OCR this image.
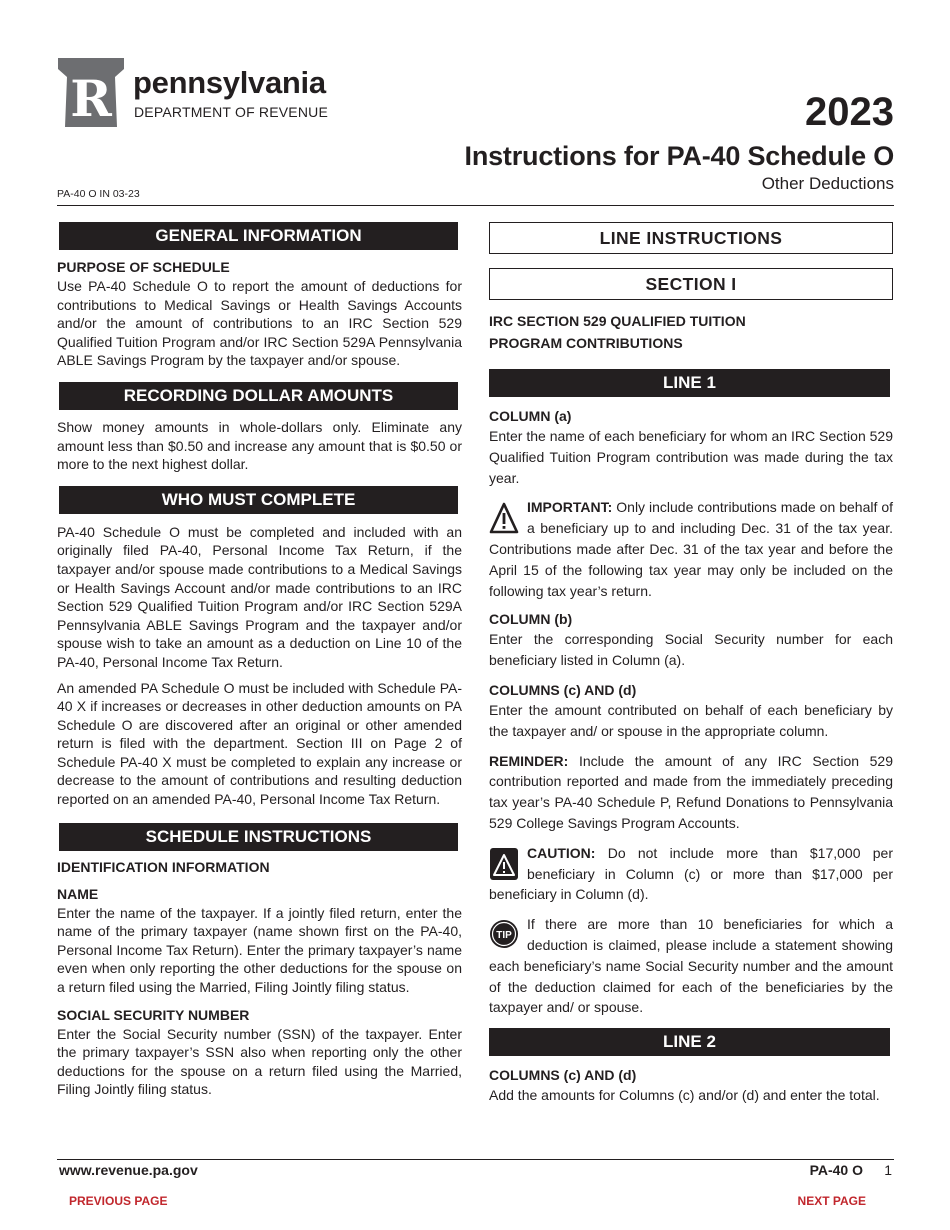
R pennsylvania
DEPARTMENT OF REVENUE	2023
Instructions for PA-40 Schedule O
Other Deductions
PA-40 O IN 03-23
GENERAL INFORMATION
PURPOSE OF SCHEDULE
Use PA-40 Schedule O to report the amount of deductions for contributions to Medical Savings or Health Savings Accounts and/or the amount of contributions to an IRC Section 529 Qualified Tuition Program and/or IRC Section 529A Pennsylvania ABLE Savings Program by the taxpayer and/or spouse.
RECORDING DOLLAR AMOUNTS
Show money amounts in whole-dollars only. Eliminate any amount less than $0.50 and increase any amount that is $0.50 or more to the next highest dollar.
WHO MUST COMPLETE
PA-40 Schedule O must be completed and included with an originally filed PA-40, Personal Income Tax Return, if the taxpayer and/or spouse made contributions to a Medical Savings or Health Savings Account and/or made contributions to an IRC Section 529 Qualified Tuition Program and/or IRC Section 529A Pennsylvania ABLE Savings Program and the taxpayer and/or spouse wish to take an amount as a deduction on Line 10 of the PA-40, Personal Income Tax Return.
An amended PA Schedule O must be included with Schedule PA-40 X if increases or decreases in other deduction amounts on PA Schedule O are discovered after an original or other amended return is filed with the department. Section III on Page 2 of Schedule PA-40 X must be completed to explain any increase or decrease to the amount of contributions and resulting deduction reported on an amended PA-40, Personal Income Tax Return.
SCHEDULE INSTRUCTIONS
IDENTIFICATION INFORMATION
NAME
Enter the name of the taxpayer. If a jointly filed return, enter the name of the primary taxpayer (name shown first on the PA-40, Personal Income Tax Return). Enter the primary taxpayer’s name even when only reporting the other deductions for the spouse on a return filed using the Married, Filing Jointly filing status.
SOCIAL SECURITY NUMBER
Enter the Social Security number (SSN) of the taxpayer. Enter the primary taxpayer’s SSN also when reporting only the other deductions for the spouse on a return filed using the Married, Filing Jointly filing status.
LINE INSTRUCTIONS
SECTION I
IRC SECTION 529 QUALIFIED TUITION
PROGRAM CONTRIBUTIONS
LINE 1
COLUMN (a)
Enter the name of each beneficiary for whom an IRC Section 529 Qualified Tuition Program contribution was made during the tax year.
IMPORTANT: Only include contributions made on behalf of a beneficiary up to and including Dec. 31 of the tax year. Contributions made after Dec. 31 of the tax year and before the April 15 of the following tax year may only be included on the following tax year’s return.
COLUMN (b)
Enter the corresponding Social Security number for each beneficiary listed in Column (a).
COLUMNS (c) AND (d)
Enter the amount contributed on behalf of each beneficiary by the taxpayer and/ or spouse in the appropriate column.
REMINDER: Include the amount of any IRC Section 529 contribution reported and made from the immediately preceding tax year’s PA-40 Schedule P, Refund Donations to Pennsylvania 529 College Savings Program Accounts.
CAUTION: Do not include more than $17,000 per beneficiary in Column (c) or more than $17,000 per beneficiary in Column (d).
TIP
If there are more than 10 beneficiaries for which a deduction is claimed, please include a statement showing each beneficiary’s name Social Security number and the amount of the deduction claimed for each of the beneficiaries by the taxpayer and/ or spouse.
LINE 2
COLUMNS (c) AND (d)
Add the amounts for Columns (c) and/or (d) and enter the total.
www.revenue.pa.gov	PA-40 O 1
PREVIOUS PAGE	NEXT PAGE
